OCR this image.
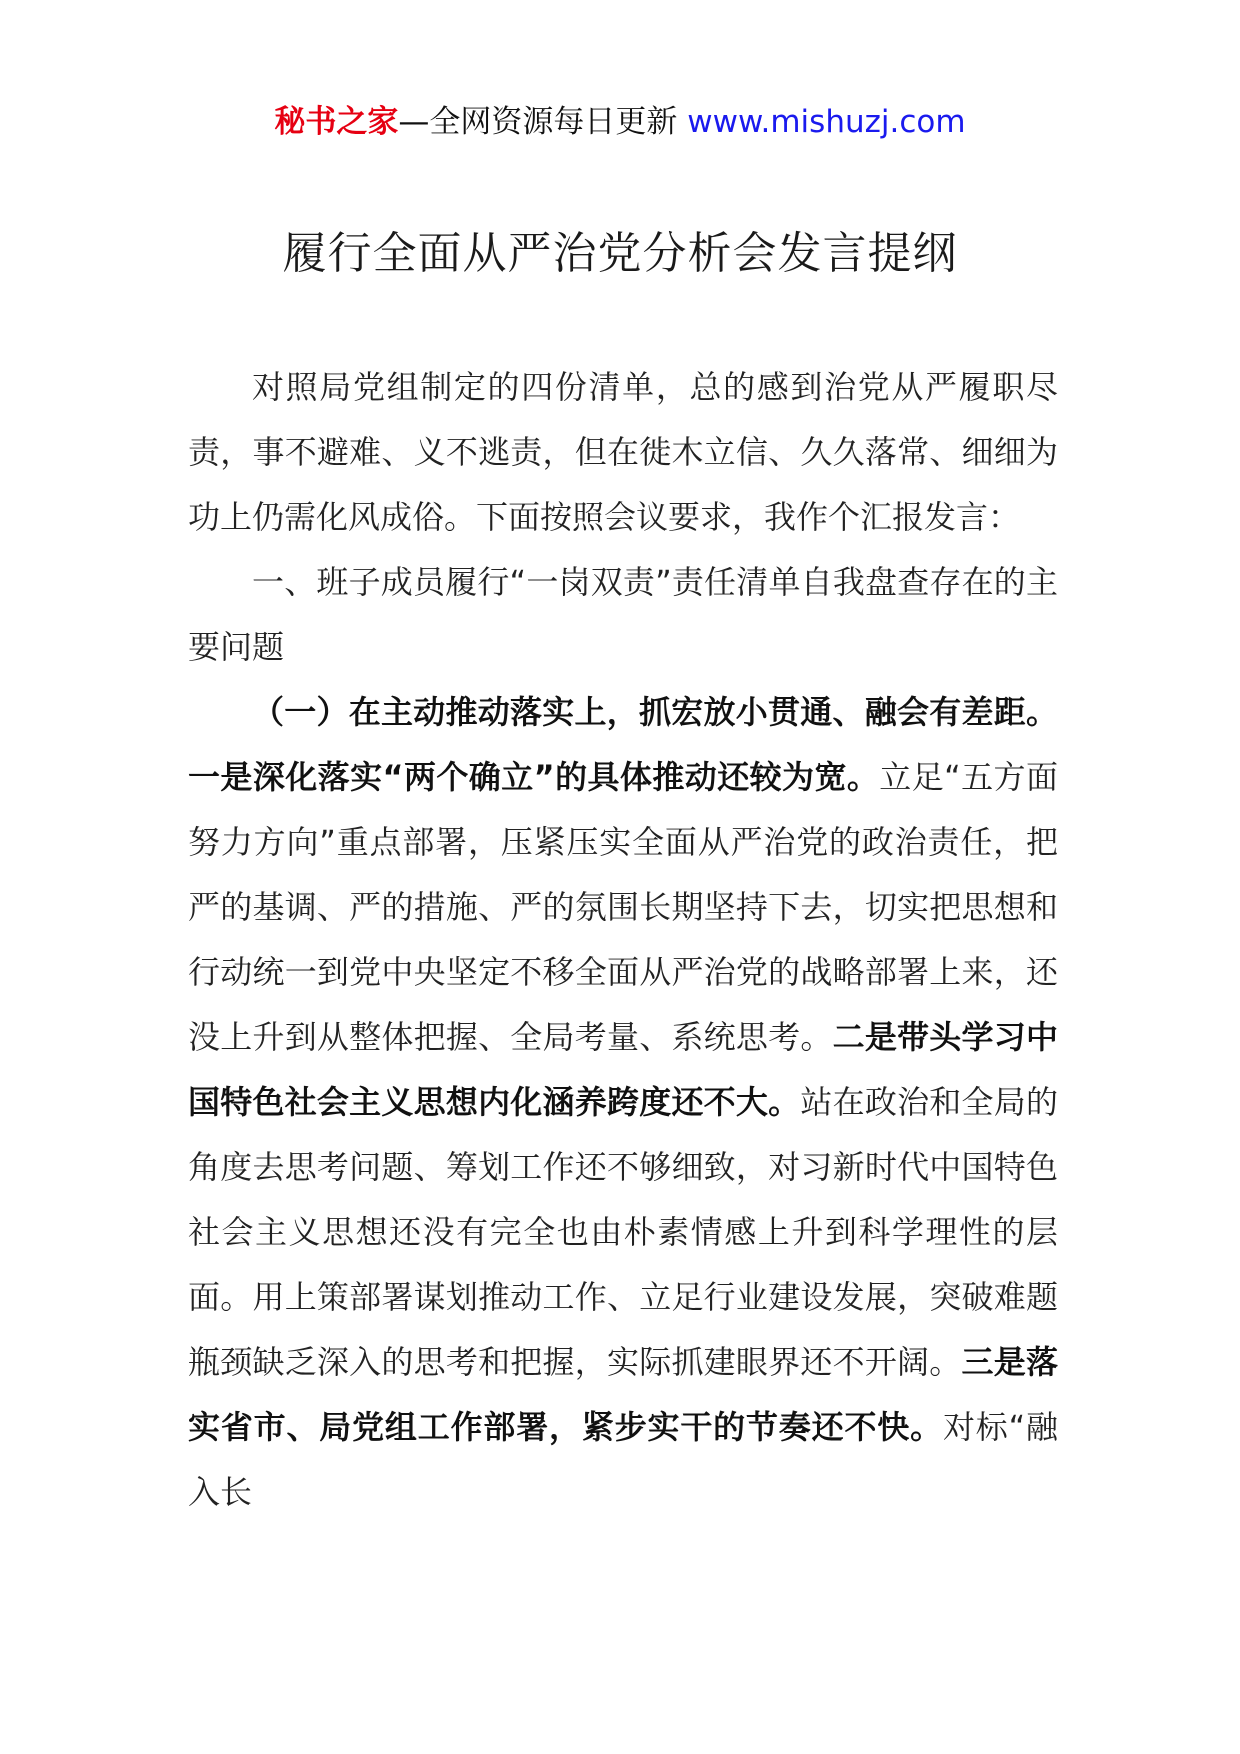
秘书之家—全网资源每日更新 www.mishuzj.com
履行全面从严治党分析会发言提纲

对照局党组制定的四份清单，总的感到治党从严履职尽责，事不避难、义不逃责，但在徙木立信、久久落常、细细为功上仍需化风成俗。下面按照会议要求，我作个汇报发言：

一、班子成员履行“一岗双责”责任清单自我盘查存在的主要问题

（一）在主动推动落实上，抓宏放小贯通、融会有差距。一是深化落实“两个确立”的具体推动还较为宽。立足“五方面努力方向”重点部署，压紧压实全面从严治党的政治责任，把严的基调、严的措施、严的氛围长期坚持下去，切实把思想和行动统一到党中央坚定不移全面从严治党的战略部署上来，还没上升到从整体把握、全局考量、系统思考。二是带头学习中国特色社会主义思想内化涵养跨度还不大。站在政治和全局的角度去思考问题、筹划工作还不够细致，对习新时代中国特色社会主义思想还没有完全也由朴素情感上升到科学理性的层面。用上策部署谋划推动工作、立足行业建设发展，突破难题瓶颈缺乏深入的思考和把握，实际抓建眼界还不开阔。三是落实省市、局党组工作部署，紧步实干的节奏还不快。对标“融入长
